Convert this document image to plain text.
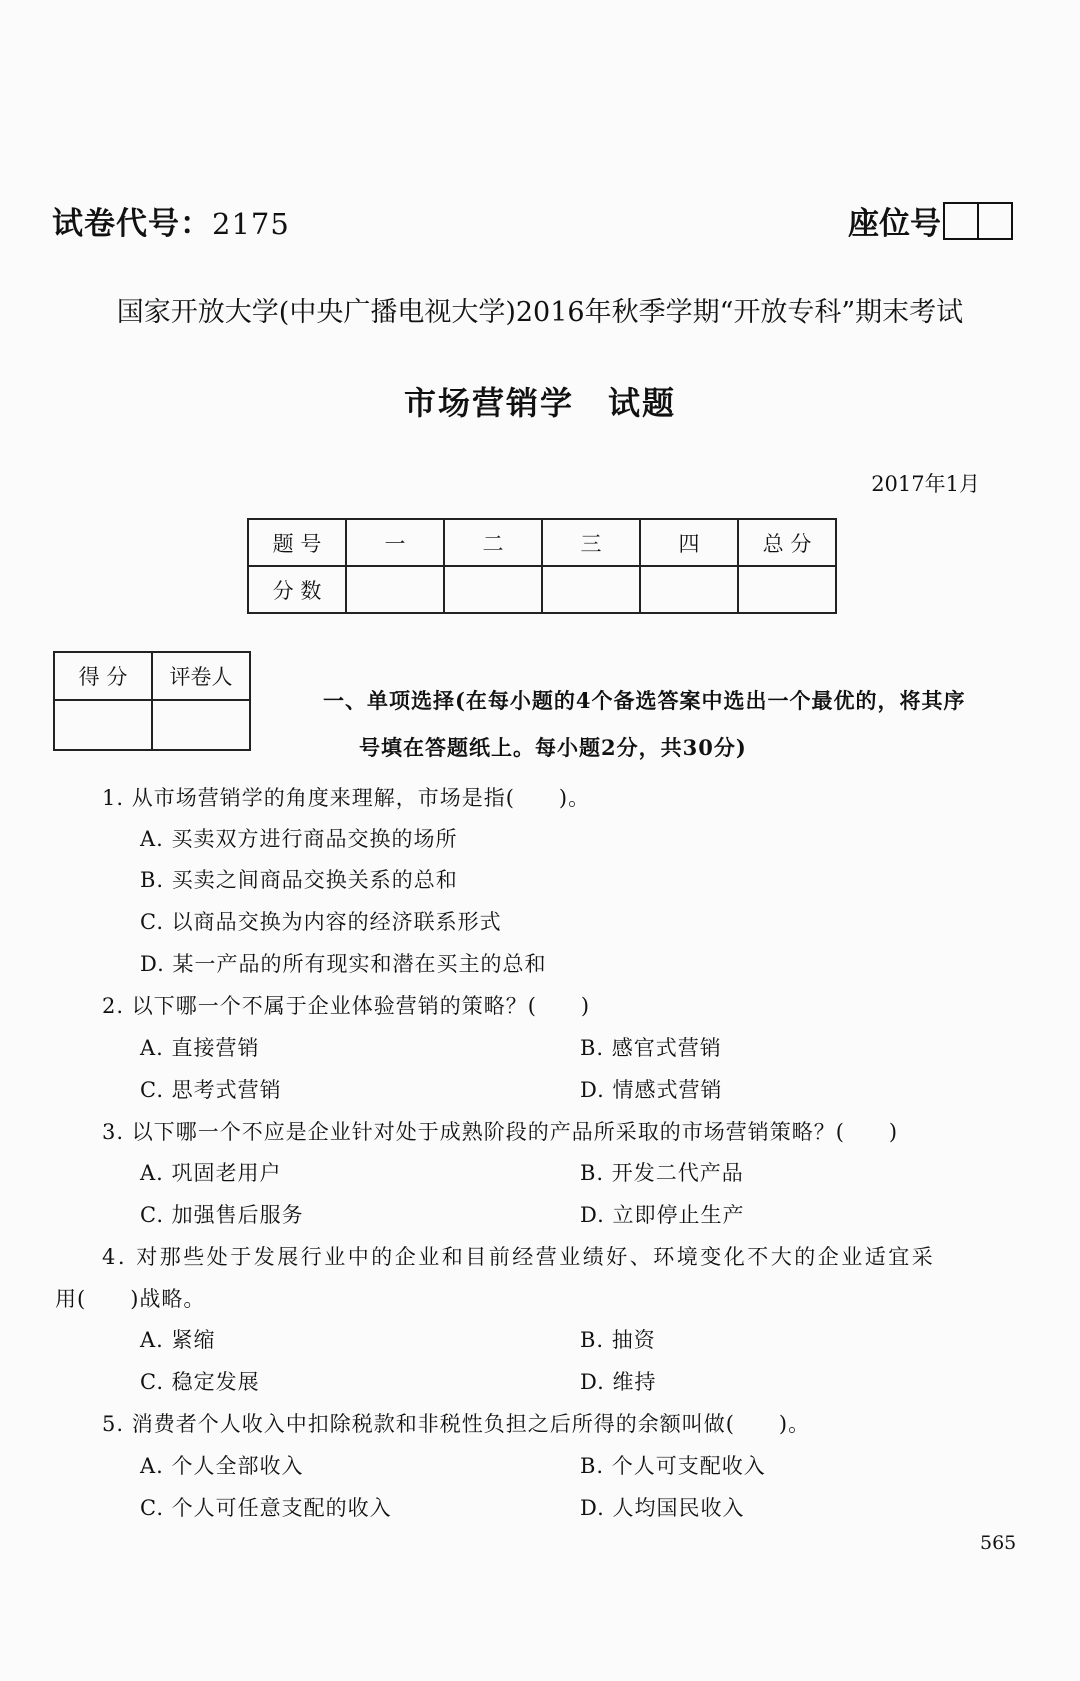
试卷代号：2175	座位号
国家开放大学(中央广播电视大学)2016年秋季学期“开放专科”期末考试
市场营销学　试题
2017年1月
题 号	一	二	三	四	总 分
分 数					
得 分	评卷人

一、单项选择(在每小题的4个备选答案中选出一个最优的，将其序
号填在答题纸上。每小题2分，共30分)
1. 从市场营销学的角度来理解，市场是指(　　)。
A. 买卖双方进行商品交换的场所
B. 买卖之间商品交换关系的总和
C. 以商品交换为内容的经济联系形式
D. 某一产品的所有现实和潜在买主的总和
2. 以下哪一个不属于企业体验营销的策略？(　　)
A. 直接营销	B. 感官式营销
C. 思考式营销	D. 情感式营销
3. 以下哪一个不应是企业针对处于成熟阶段的产品所采取的市场营销策略？(　　)
A. 巩固老用户	B. 开发二代产品
C. 加强售后服务	D. 立即停止生产
4. 对那些处于发展行业中的企业和目前经营业绩好、环境变化不大的企业适宜采
用(　　)战略。
A. 紧缩	B. 抽资
C. 稳定发展	D. 维持
5. 消费者个人收入中扣除税款和非税性负担之后所得的余额叫做(　　)。
A. 个人全部收入	B. 个人可支配收入
C. 个人可任意支配的收入	D. 人均国民收入
565
